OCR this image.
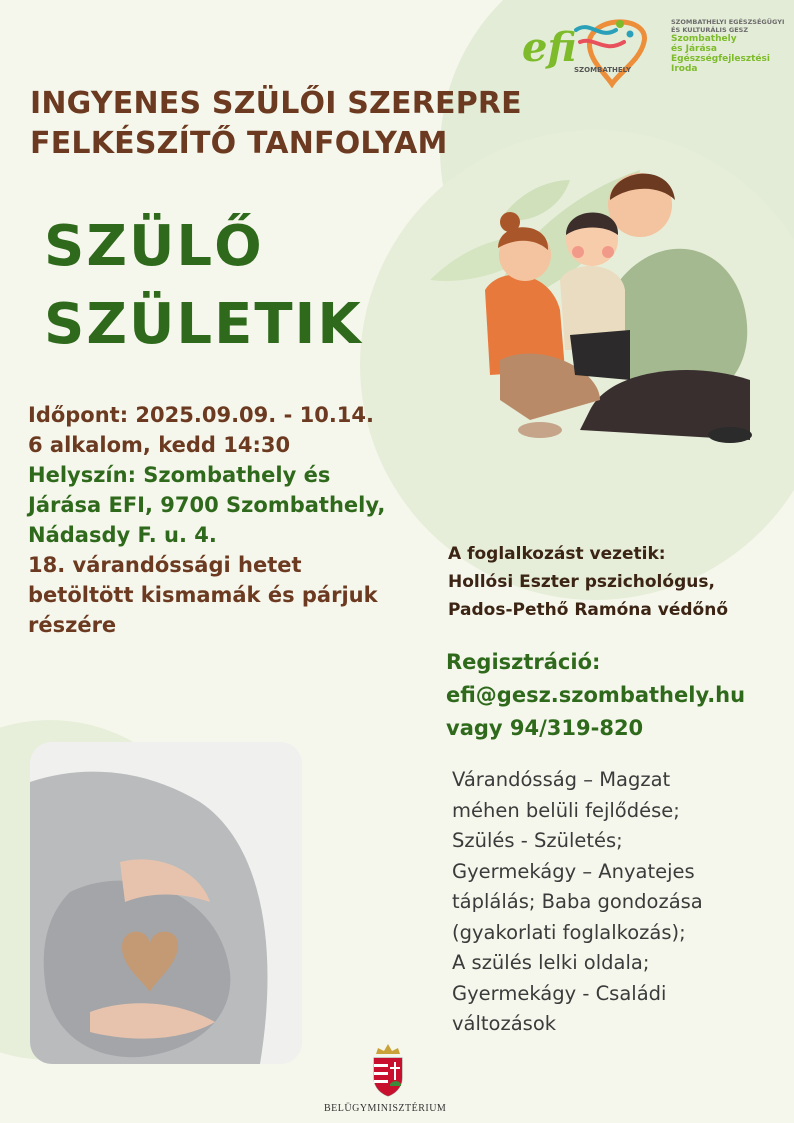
efi
SZOMBATHELY
SZOMBATHELYI EGÉSZSÉGÜGYI
ÉS KULTURÁLIS GESZ
Szombathely
és Járása
Egészségfejlesztési
Iroda
INGYENES SZÜLŐI SZEREPRE
FELKÉSZÍTŐ TANFOLYAM
SZÜLŐ
SZÜLETIK
Időpont: 2025.09.09. - 10.14.
6 alkalom, kedd 14:30
Helyszín: Szombathely és
Járása EFI, 9700 Szombathely,
Nádasdy F. u. 4.
18. várandóssági hetet
betöltött kismamák és párjuk
részére
A foglalkozást vezetik:
Hollósi Eszter pszichológus,
Pados-Pethő Ramóna védőnő
Regisztráció:
efi@gesz.szombathely.hu
vagy 94/319-820
Várandósság – Magzat
méhen belüli fejlődése;
Szülés - Születés;
Gyermekágy – Anyatejes
táplálás; Baba gondozása
(gyakorlati foglalkozás);
A szülés lelki oldala;
Gyermekágy - Családi
változások
BELÜGYMINISZTÉRIUM
